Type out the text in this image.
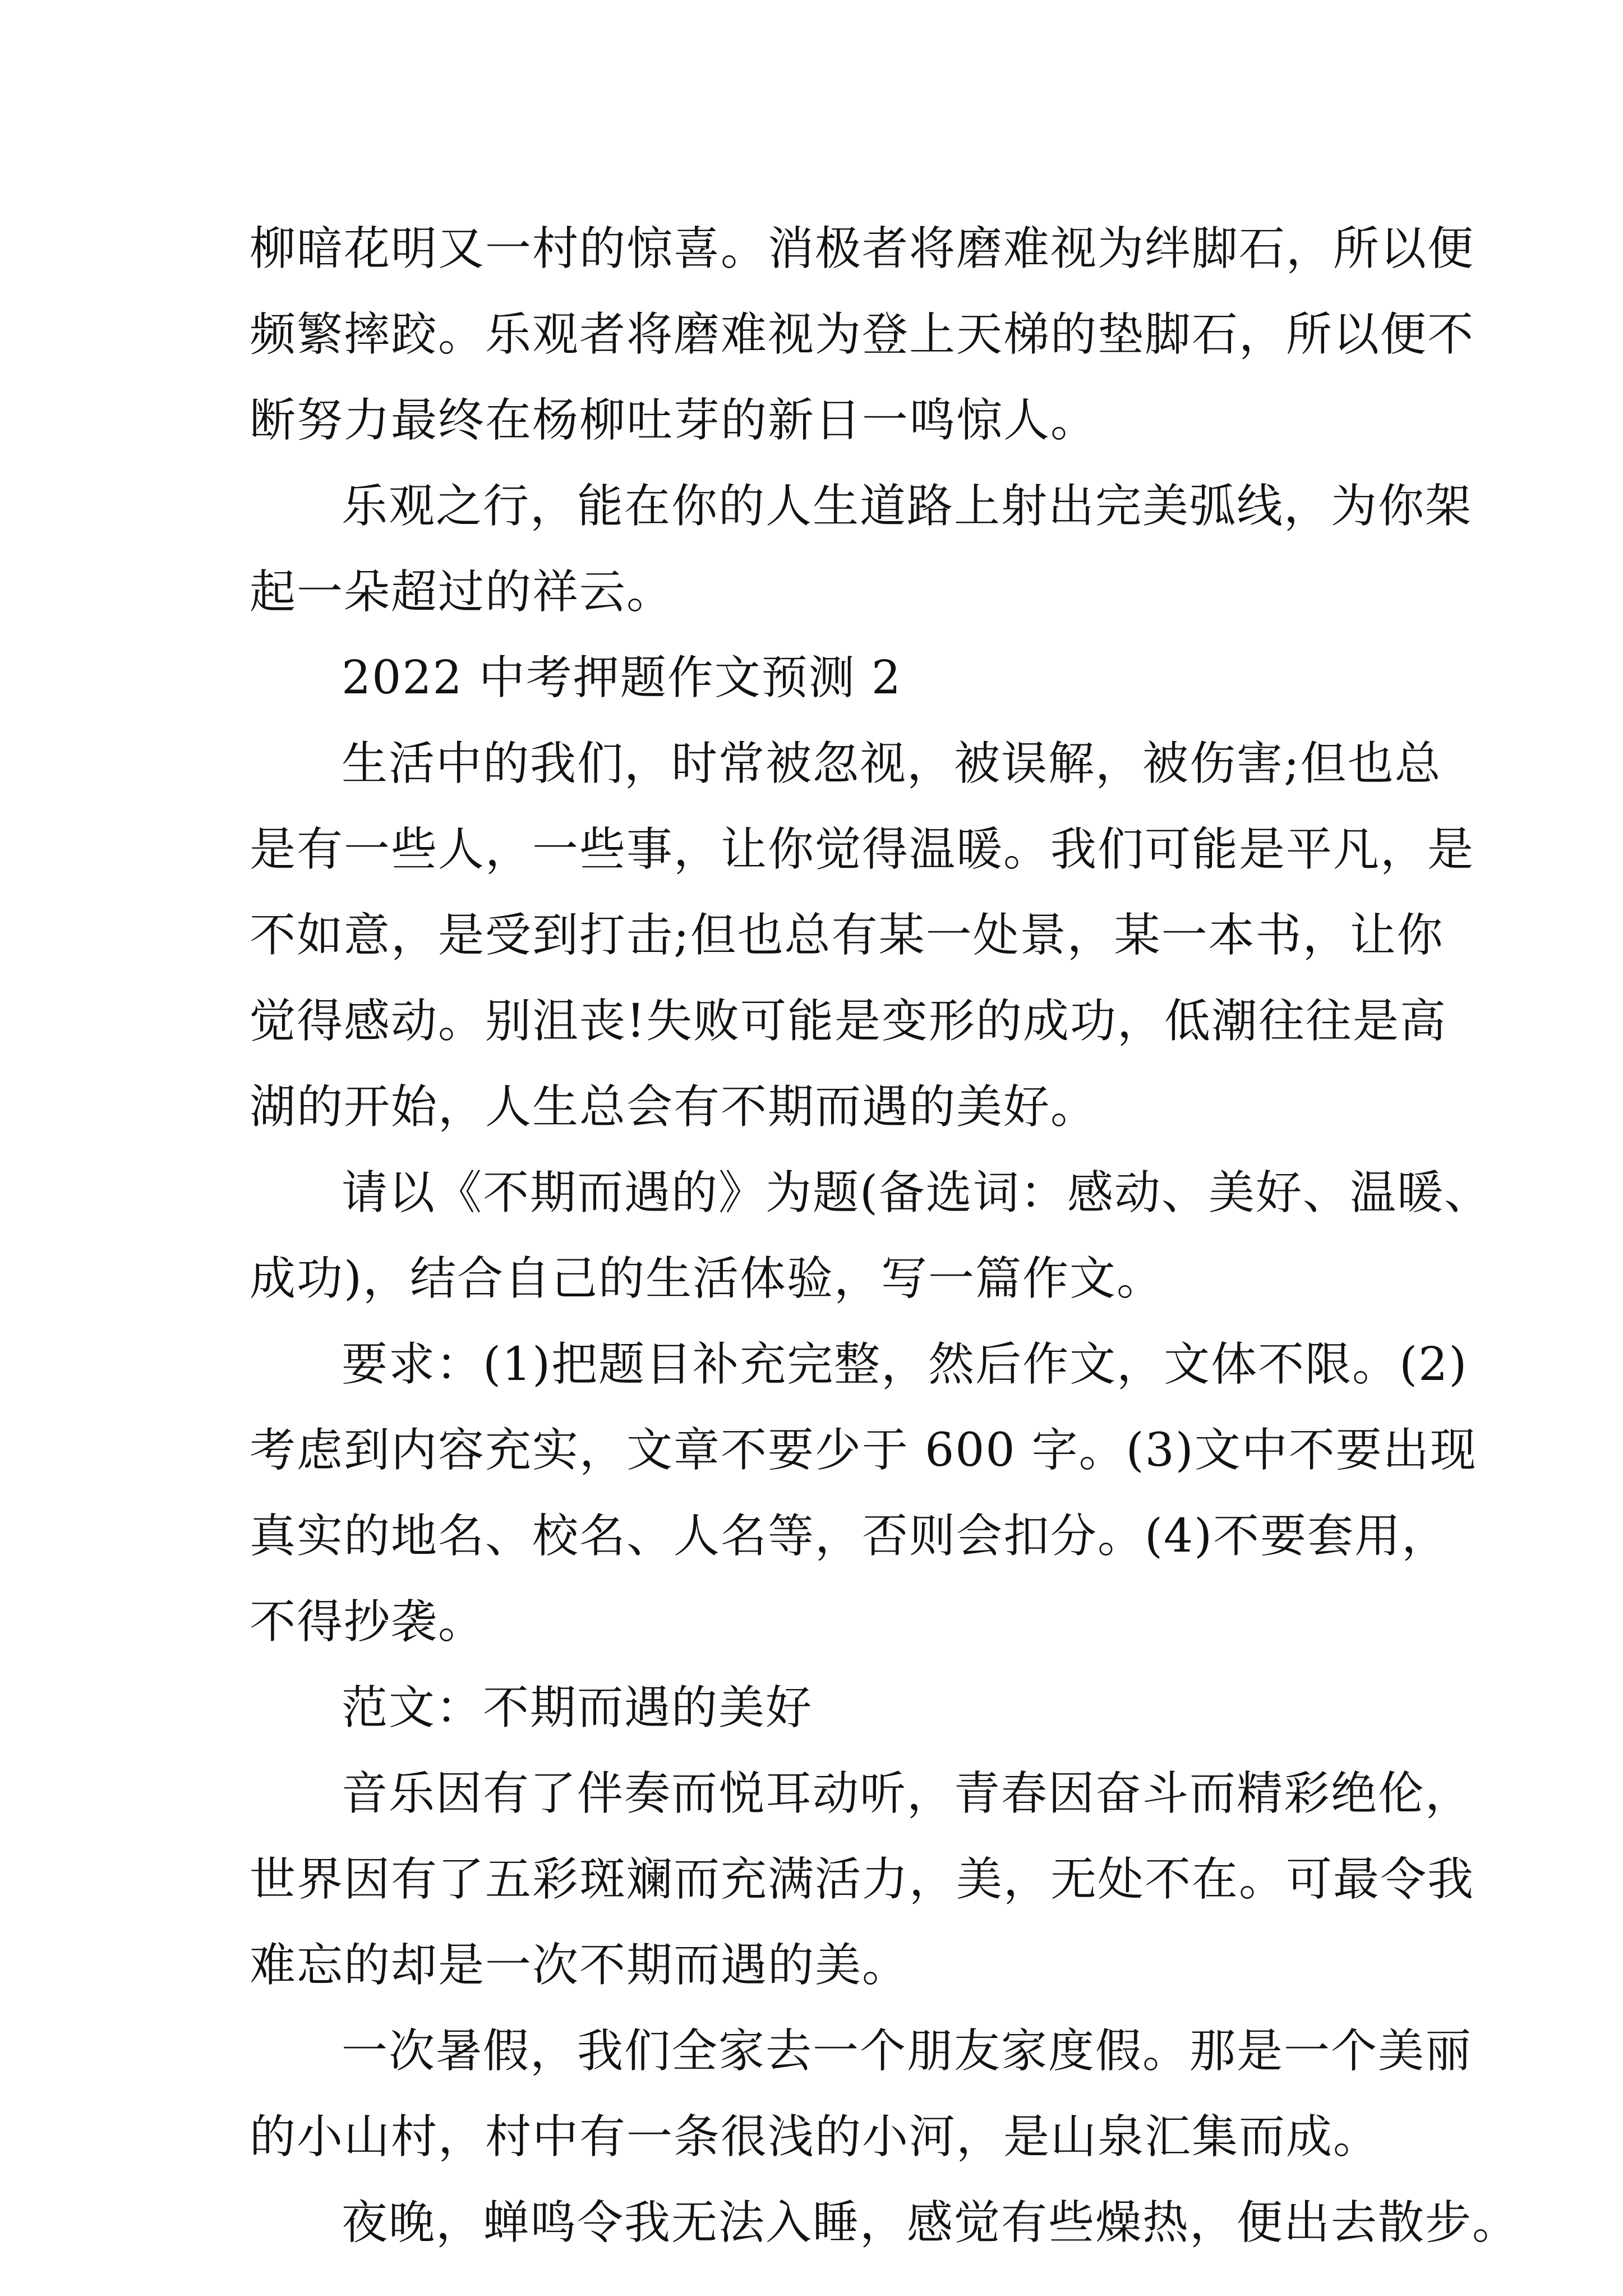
柳暗花明又一村的惊喜。消极者将磨难视为绊脚石，所以便
频繁摔跤。乐观者将磨难视为登上天梯的垫脚石，所以便不
断努力最终在杨柳吐芽的新日一鸣惊人。
乐观之行，能在你的人生道路上射出完美弧线，为你架
起一朵超过的祥云。
2022 中考押题作文预测 2
生活中的我们，时常被忽视，被误解，被伤害;但也总
是有一些人，一些事，让你觉得温暖。我们可能是平凡，是
不如意，是受到打击;但也总有某一处景，某一本书，让你
觉得感动。别沮丧!失败可能是变形的成功，低潮往往是高
湖的开始，人生总会有不期而遇的美好。
请以《不期而遇的》为题(备选词：感动、美好、温暖、
成功)，结合自己的生活体验，写一篇作文。
要求：(1)把题目补充完整，然后作文，文体不限。(2)
考虑到内容充实，文章不要少于 600 字。(3)文中不要出现
真实的地名、校名、人名等，否则会扣分。(4)不要套用，
不得抄袭。
范文：不期而遇的美好
音乐因有了伴奏而悦耳动听，青春因奋斗而精彩绝伦，
世界因有了五彩斑斓而充满活力，美，无处不在。可最令我
难忘的却是一次不期而遇的美。
一次暑假，我们全家去一个朋友家度假。那是一个美丽
的小山村，村中有一条很浅的小河，是山泉汇集而成。
夜晚，蝉鸣令我无法入睡，感觉有些燥热，便出去散步。
